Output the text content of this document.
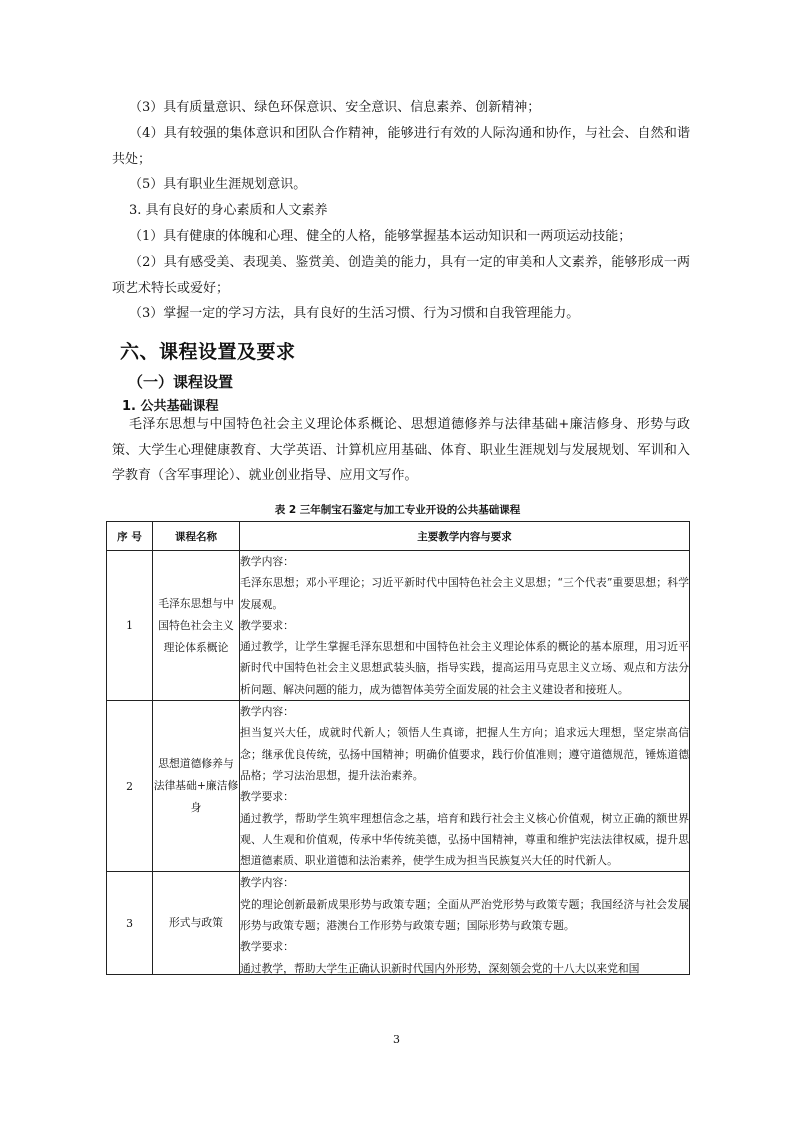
（3）具有质量意识、绿色环保意识、安全意识、信息素养、创新精神；
（4）具有较强的集体意识和团队合作精神，能够进行有效的人际沟通和协作，与社会、自然和谐共处；
（5）具有职业生涯规划意识。
3. 具有良好的身心素质和人文素养
（1）具有健康的体魄和心理、健全的人格，能够掌握基本运动知识和一两项运动技能；
（2）具有感受美、表现美、鉴赏美、创造美的能力，具有一定的审美和人文素养，能够形成一两项艺术特长或爱好；
（3）掌握一定的学习方法，具有良好的生活习惯、行为习惯和自我管理能力。
六、课程设置及要求
（一）课程设置
1. 公共基础课程
毛泽东思想与中国特色社会主义理论体系概论、思想道德修养与法律基础+廉洁修身、形势与政策、大学生心理健康教育、大学英语、计算机应用基础、体育、职业生涯规划与发展规划、军训和入学教育（含军事理论）、就业创业指导、应用文写作。
表 2 三年制宝石鉴定与加工专业开设的公共基础课程
序 号	课程名称	主要教学内容与要求
1	毛泽东思想与中国特色社会主义理论体系概论	教学内容：
毛泽东思想；邓小平理论；习近平新时代中国特色社会主义思想；“三个代表”重要思想；科学发展观。
教学要求：
通过教学，让学生掌握毛泽东思想和中国特色社会主义理论体系的概论的基本原理，用习近平新时代中国特色社会主义思想武装头脑，指导实践，提高运用马克思主义立场、观点和方法分析问题、解决问题的能力，成为德智体美劳全面发展的社会主义建设者和接班人。

2	思想道德修养与法律基础+廉洁修身	教学内容：
担当复兴大任，成就时代新人；领悟人生真谛，把握人生方向；追求远大理想，坚定崇高信念；继承优良传统，弘扬中国精神；明确价值要求，践行价值准则；遵守道德规范，锤炼道德品格；学习法治思想，提升法治素养。
教学要求：
通过教学，帮助学生筑牢理想信念之基，培育和践行社会主义核心价值观，树立正确的额世界观、人生观和价值观，传承中华传统美德，弘扬中国精神，尊重和维护宪法法律权威，提升思想道德素质、职业道德和法治素养，使学生成为担当民族复兴大任的时代新人。

3	形式与政策	教学内容：
党的理论创新最新成果形势与政策专题；全面从严治党形势与政策专题；我国经济与社会发展形势与政策专题；港澳台工作形势与政策专题；国际形势与政策专题。
教学要求：
通过教学，帮助大学生正确认识新时代国内外形势，深刻领会党的十八大以来党和国
3
